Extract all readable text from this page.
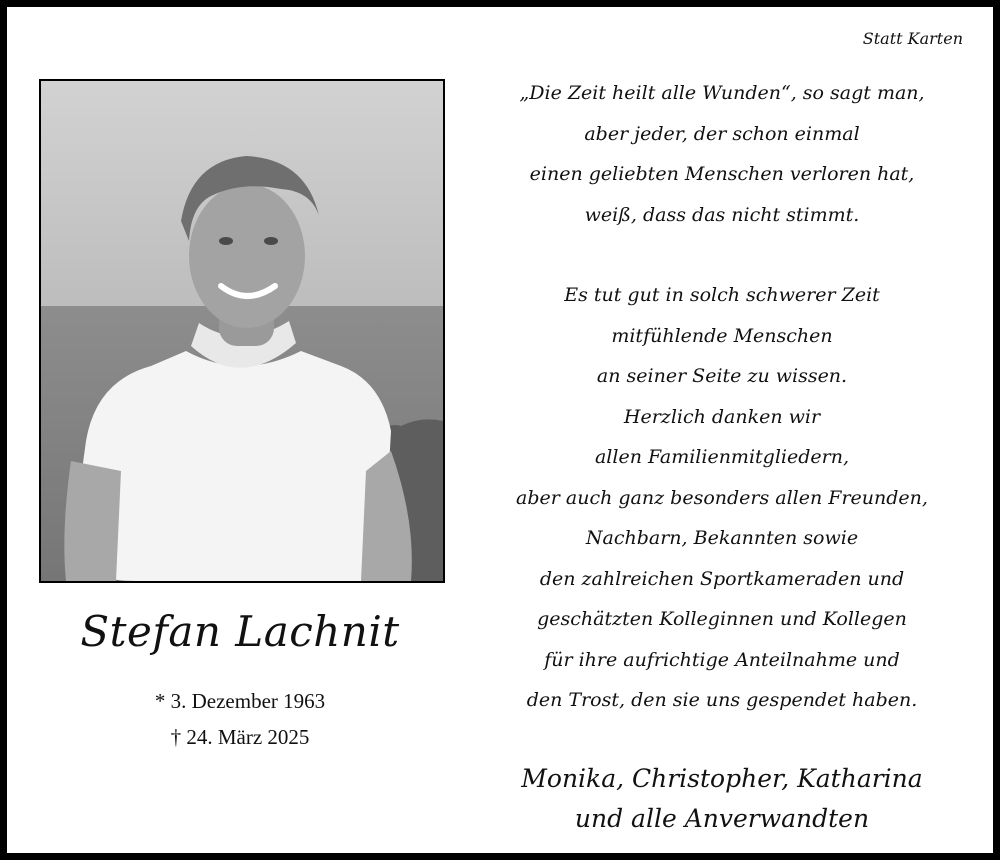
Statt Karten
Stefan Lachnit
* 3. Dezember 1963
† 24. März 2025
„Die Zeit heilt alle Wunden“, so sagt man,
aber jeder, der schon einmal
einen geliebten Menschen verloren hat,
weiß, dass das nicht stimmt.
Es tut gut in solch schwerer Zeit
mitfühlende Menschen
an seiner Seite zu wissen.
Herzlich danken wir
allen Familienmitgliedern,
aber auch ganz besonders allen Freunden,
Nachbarn, Bekannten sowie
den zahlreichen Sportkameraden und
geschätzten Kolleginnen und Kollegen
für ihre aufrichtige Anteilnahme und
den Trost, den sie uns gespendet haben.
Monika, Christopher, Katharina
und alle Anverwandten
